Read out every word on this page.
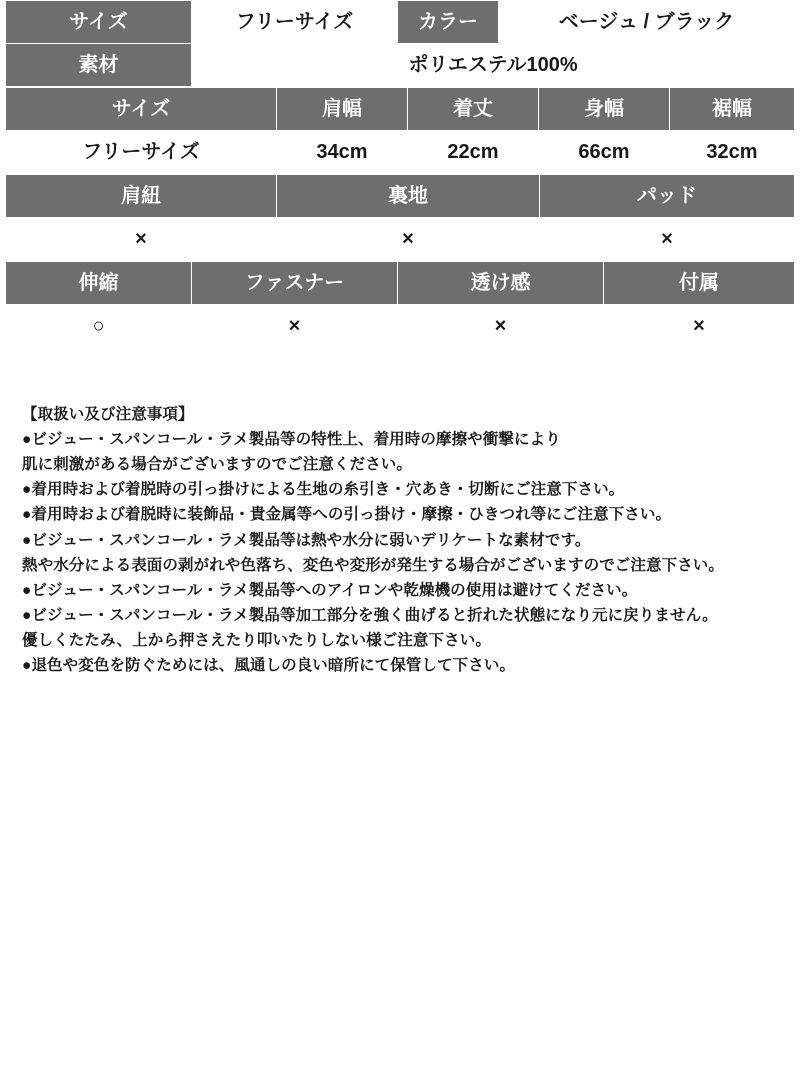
サイズ	フリーサイズ	カラー	ベージュ / ブラック
素材	ポリエステル100%		
サイズ	肩幅	着丈	身幅	裾幅
フリーサイズ	34cm	22cm	66cm	32cm
肩紐	裏地	パッド
×	×	×
伸縮	ファスナー	透け感	付属
○	×	×	×

【取扱い及び注意事項】

●ビジュー・スパンコール・ラメ製品等の特性上、着用時の摩擦や衝撃により

肌に刺激がある場合がございますのでご注意ください。

●着用時および着脱時の引っ掛けによる生地の糸引き・穴あき・切断にご注意下さい。

●着用時および着脱時に装飾品・貴金属等への引っ掛け・摩擦・ひきつれ等にご注意下さい。

●ビジュー・スパンコール・ラメ製品等は熱や水分に弱いデリケートな素材です。

熱や水分による表面の剥がれや色落ち、変色や変形が発生する場合がございますのでご注意下さい。

●ビジュー・スパンコール・ラメ製品等へのアイロンや乾燥機の使用は避けてください。

●ビジュー・スパンコール・ラメ製品等加工部分を強く曲げると折れた状態になり元に戻りません。

優しくたたみ、上から押さえたり叩いたりしない様ご注意下さい。

●退色や変色を防ぐためには、風通しの良い暗所にて保管して下さい。
